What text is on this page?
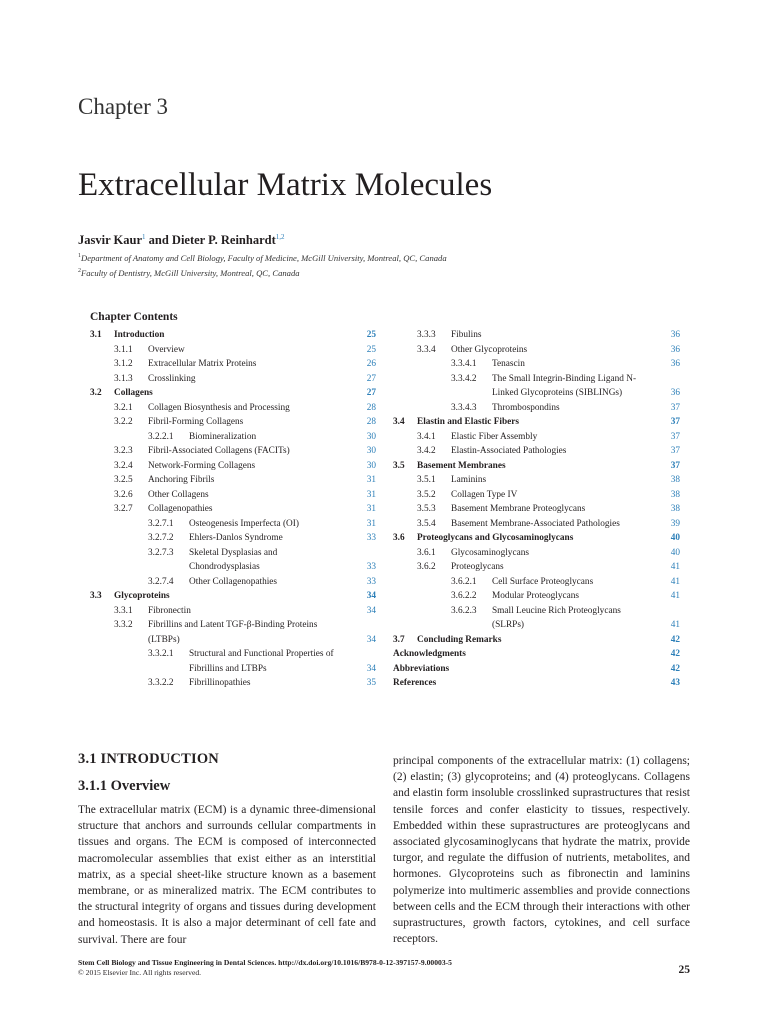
Chapter 3
Extracellular Matrix Molecules
Jasvir Kaur$^1$ and Dieter P. Reinhardt$^{1,2}$
$^1$Department of Anatomy and Cell Biology, Faculty of Medicine, McGill University, Montreal, QC, Canada
$^2$Faculty of Dentistry, McGill University, Montreal, QC, Canada
Chapter Contents
3.1 Introduction	25
3.1.1 Overview	25
3.1.2 Extracellular Matrix Proteins	26
3.1.3 Crosslinking	27
3.2 Collagens	27
3.2.1 Collagen Biosynthesis and Processing	28
3.2.2 Fibril-Forming Collagens	28
3.2.2.1 Biomineralization	30
3.2.3 Fibril-Associated Collagens (FACITs)	30
3.2.4 Network-Forming Collagens	30
3.2.5 Anchoring Fibrils	31
3.2.6 Other Collagens	31
3.2.7 Collagenopathies	31
3.2.7.1 Osteogenesis Imperfecta (OI)	31
3.2.7.2 Ehlers-Danlos Syndrome	33
3.2.7.3 Skeletal Dysplasias and Chondrodysplasias	33
3.2.7.4 Other Collagenopathies	33
3.3 Glycoproteins	34
3.3.1 Fibronectin	34
3.3.2 Fibrillins and Latent TGF-β-Binding Proteins (LTBPs)	34
3.3.2.1 Structural and Functional Properties of Fibrillins and LTBPs	34
3.3.2.2 Fibrillinopathies	35
3.3.3 Fibulins	36
3.3.4 Other Glycoproteins	36
3.3.4.1 Tenascin	36
3.3.4.2 The Small Integrin-Binding Ligand N-Linked Glycoproteins (SIBLINGs)	36
3.3.4.3 Thrombospondins	37
3.4 Elastin and Elastic Fibers	37
3.4.1 Elastic Fiber Assembly	37
3.4.2 Elastin-Associated Pathologies	37
3.5 Basement Membranes	37
3.5.1 Laminins	38
3.5.2 Collagen Type IV	38
3.5.3 Basement Membrane Proteoglycans	38
3.5.4 Basement Membrane-Associated Pathologies	39
3.6 Proteoglycans and Glycosaminoglycans	40
3.6.1 Glycosaminoglycans	40
3.6.2 Proteoglycans	41
3.6.2.1 Cell Surface Proteoglycans	41
3.6.2.2 Modular Proteoglycans	41
3.6.2.3 Small Leucine Rich Proteoglycans (SLRPs)	41
3.7 Concluding Remarks	42
Acknowledgments	42
Abbreviations	42
References	43
3.1 INTRODUCTION
3.1.1 Overview
The extracellular matrix (ECM) is a dynamic three-dimensional structure that anchors and surrounds cellular compartments in tissues and organs. The ECM is composed of interconnected macromolecular assemblies that exist either as an interstitial matrix, as a special sheet-like structure known as a basement membrane, or as mineralized matrix. The ECM contributes to the structural integrity of organs and tissues during development and homeostasis. It is also a major determinant of cell fate and survival. There are four
principal components of the extracellular matrix: (1) collagens; (2) elastin; (3) glycoproteins; and (4) proteoglycans. Collagens and elastin form insoluble crosslinked suprastructures that resist tensile forces and confer elasticity to tissues, respectively. Embedded within these suprastructures are proteoglycans and associated glycosaminoglycans that hydrate the matrix, provide turgor, and regulate the diffusion of nutrients, metabolites, and hormones. Glycoproteins such as fibronectin and laminins polymerize into multimeric assemblies and provide connections between cells and the ECM through their interactions with other suprastructures, growth factors, cytokines, and cell surface receptors.
Stem Cell Biology and Tissue Engineering in Dental Sciences. http://dx.doi.org/10.1016/B978-0-12-397157-9.00003-5
© 2015 Elsevier Inc. All rights reserved.	25
